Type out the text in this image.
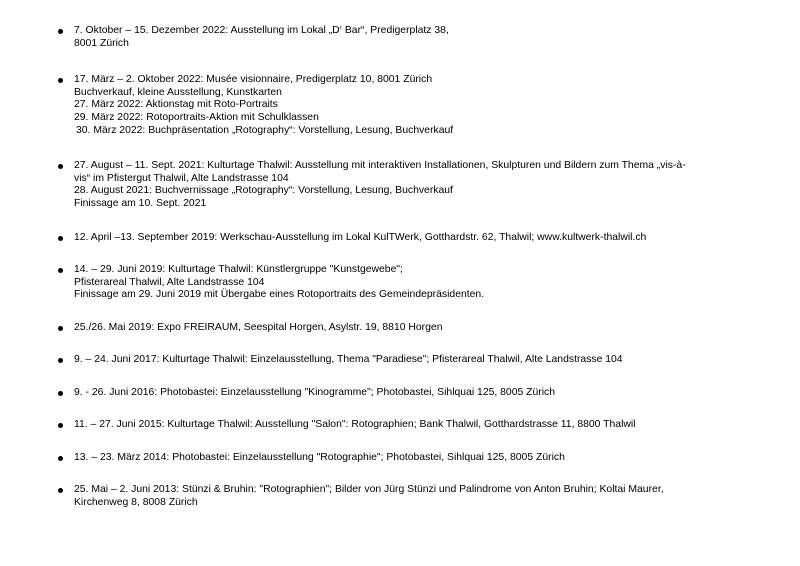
7. Oktober – 15. Dezember 2022: Ausstellung im Lokal „D‘ Bar“, Predigerplatz 38,
8001 Zürich
17. März – 2. Oktober 2022: Musée visionnaire, Predigerplatz 10, 8001 Zürich
Buchverkauf, kleine Ausstellung, Kunstkarten
27. März 2022: Aktionstag mit Roto-Portraits
29. März 2022: Rotoportraits-Aktion mit Schulklassen
30. März 2022: Buchpräsentation „Rotography“: Vorstellung, Lesung, Buchverkauf
27. August – 11. Sept. 2021: Kulturtage Thalwil: Ausstellung mit interaktiven Installationen, Skulpturen und Bildern zum Thema „vis-à-
vis“ im Pfistergut Thalwil, Alte Landstrasse 104
28. August 2021: Buchvernissage „Rotography“: Vorstellung, Lesung, Buchverkauf
Finissage am 10. Sept. 2021
12. April –13. September 2019: Werkschau-Ausstellung im Lokal KulTWerk, Gotthardstr. 62, Thalwil; www.kultwerk-thalwil.ch
14. – 29. Juni 2019: Kulturtage Thalwil: Künstlergruppe "Kunstgewebe";
Pfisterareal Thalwil, Alte Landstrasse 104
Finissage am 29. Juni 2019 mit Übergabe eines Rotoportraits des Gemeindepräsidenten.
25./26. Mai 2019: Expo FREIRAUM, Seespital Horgen, Asylstr. 19, 8810 Horgen
9. – 24. Juni 2017: Kulturtage Thalwil: Einzelausstellung, Thema "Paradiese"; Pfisterareal Thalwil, Alte Landstrasse 104
9. - 26. Juni 2016: Photobastei: Einzelausstellung "Kinogramme"; Photobastei, Sihlquai 125, 8005 Zürich
11. – 27. Juni 2015: Kulturtage Thalwil: Ausstellung "Salon": Rotographien; Bank Thalwil, Gotthardstrasse 11, 8800 Thalwil
13. – 23. März 2014: Photobastei: Einzelausstellung "Rotographie"; Photobastei, Sihlquai 125, 8005 Zürich
25. Mai – 2. Juni 2013: Stünzi & Bruhin: "Rotographien"; Bilder von Jürg Stünzi und Palindrome von Anton Bruhin; Koltai Maurer,
Kirchenweg 8, 8008 Zürich
